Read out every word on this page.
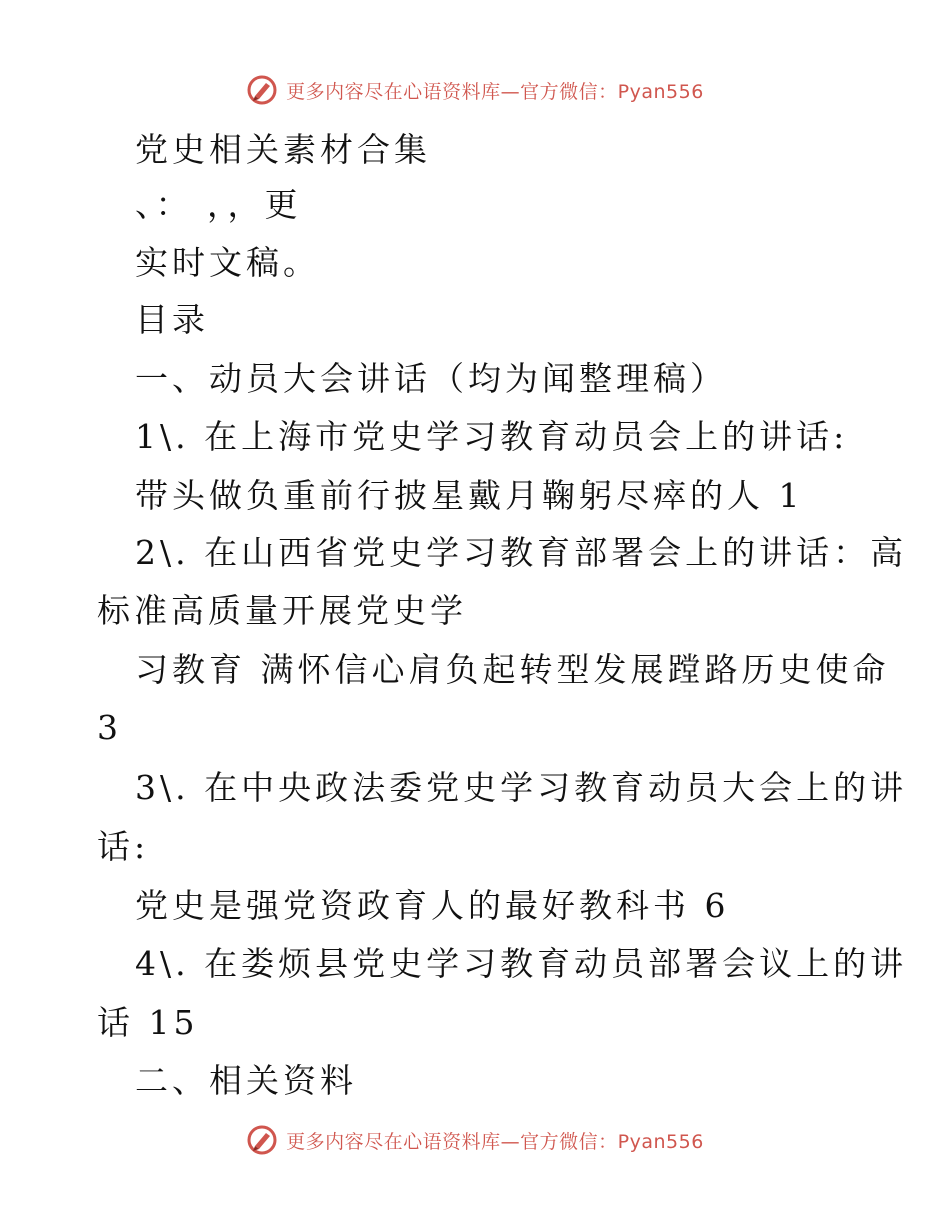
更多内容尽在心语资料库—官方微信：Pyan556
党史相关素材合集
、： ，，更
实时文稿。
目录
一、动员大会讲话（均为闻整理稿）
1\. 在上海市党史学习教育动员会上的讲话:
带头做负重前行披星戴月鞠躬尽瘁的人 1
2\. 在山西省党史学习教育部署会上的讲话：高
标准高质量开展党史学
习教育 满怀信心肩负起转型发展蹚路历史使命
3
3\. 在中央政法委党史学习教育动员大会上的讲
话:
党史是强党资政育人的最好教科书 6
4\. 在娄烦县党史学习教育动员部署会议上的讲
话 15
二、相关资料
更多内容尽在心语资料库—官方微信：Pyan556
